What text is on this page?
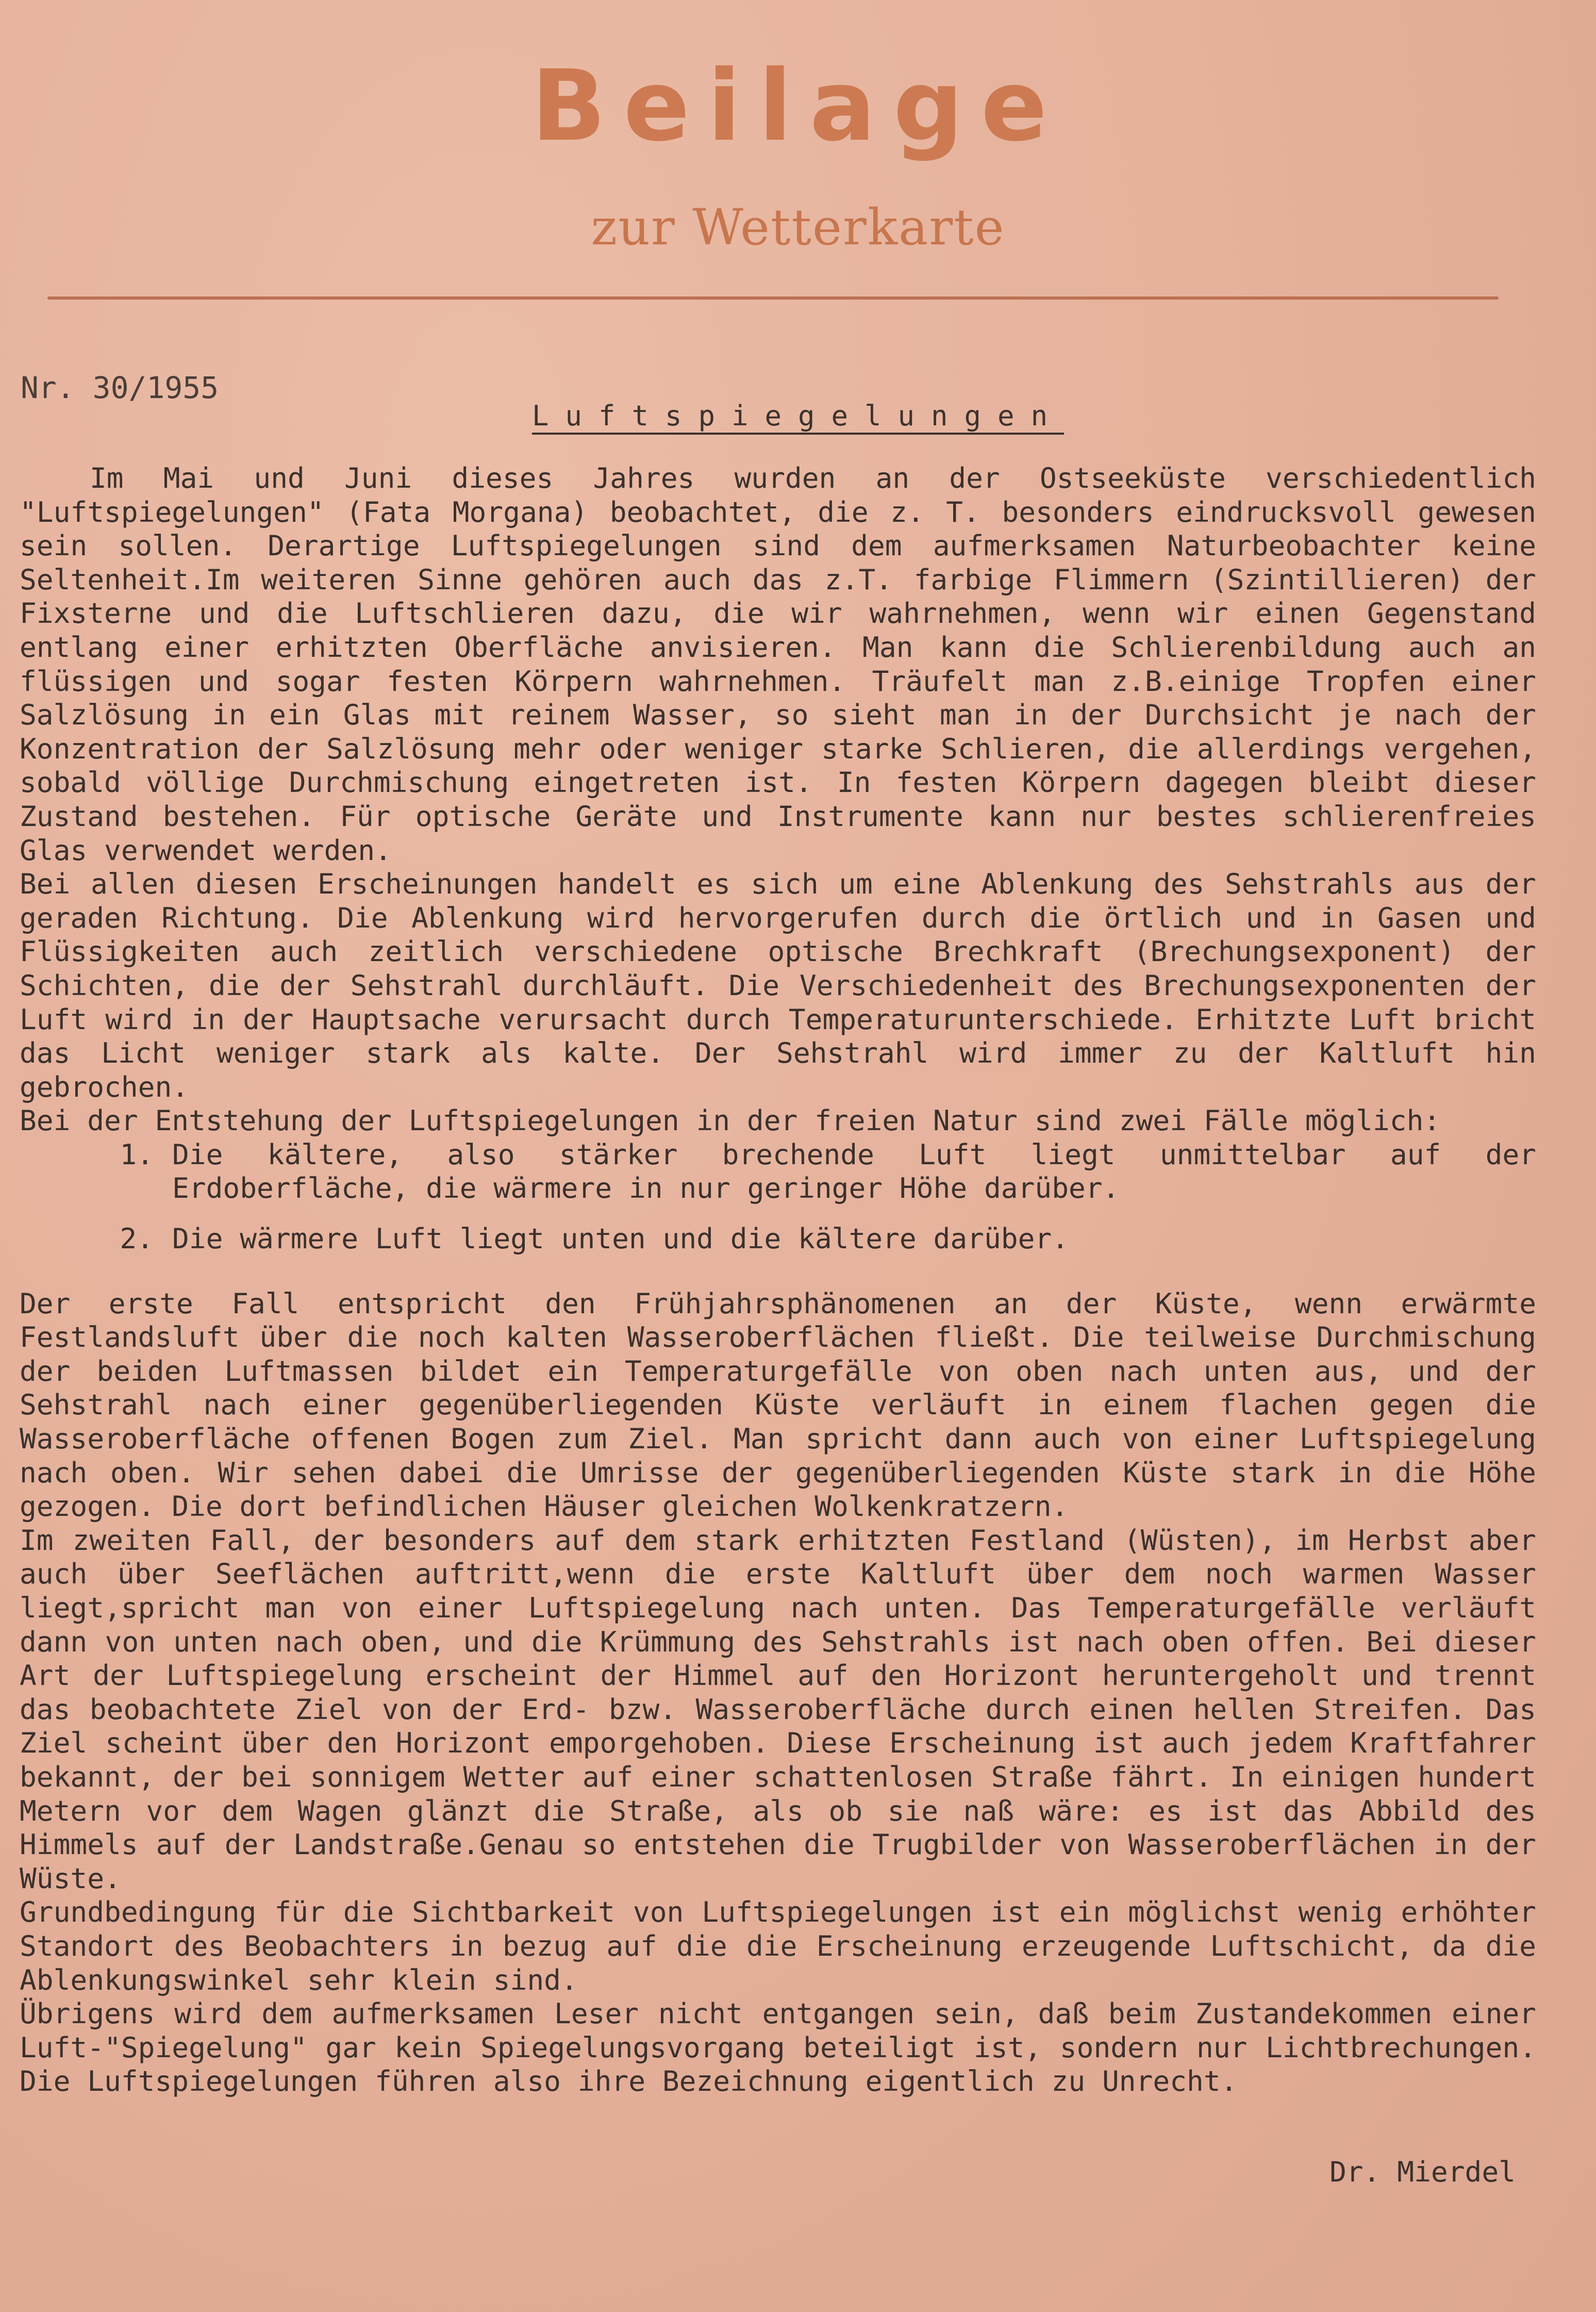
Beilage
zur Wetterkarte
Nr. 30/1955
Luftspiegelungen

Im Mai und Juni dieses Jahres wurden an der Ostseeküste verschiedentlich "Luftspiegelungen" (Fata Morgana) beobachtet, die z. T. besonders eindrucksvoll gewesen sein sollen. Derartige Luftspiegelungen sind dem aufmerksamen Naturbeobachter keine Seltenheit.Im weiteren Sinne gehören auch das z.T. farbige Flimmern (Szintillieren) der Fixsterne und die Luftschlieren dazu, die wir wahrnehmen, wenn wir einen Gegenstand entlang einer erhitzten Oberfläche anvisieren. Man kann die Schlierenbildung auch an flüssigen und sogar festen Körpern wahrnehmen. Träufelt man z.B.einige Tropfen einer Salzlösung in ein Glas mit reinem Wasser, so sieht man in der Durchsicht je nach der Konzentration der Salzlösung mehr oder weniger starke Schlieren, die allerdings vergehen, sobald völlige Durchmischung eingetreten ist. In festen Körpern dagegen bleibt dieser Zustand bestehen. Für optische Geräte und Instrumente kann nur bestes schlierenfreies Glas verwendet werden.

Bei allen diesen Erscheinungen handelt es sich um eine Ablenkung des Sehstrahls aus der geraden Richtung. Die Ablenkung wird hervorgerufen durch die örtlich und in Gasen und Flüssigkeiten auch zeitlich verschiedene optische Brechkraft (Brechungsexponent) der Schichten, die der Sehstrahl durchläuft. Die Verschiedenheit des Brechungsexponenten der Luft wird in der Hauptsache verursacht durch Temperaturunterschiede. Erhitzte Luft bricht das Licht weniger stark als kalte. Der Sehstrahl wird immer zu der Kaltluft hin gebrochen.

Bei der Entstehung der Luftspiegelungen in der freien Natur sind zwei Fälle möglich:

1. Die kältere, also stärker brechende Luft liegt unmittelbar auf der Erdoberfläche, die wärmere in nur geringer Höhe darüber.
2. Die wärmere Luft liegt unten und die kältere darüber.

Der erste Fall entspricht den Frühjahrsphänomenen an der Küste, wenn erwärmte Festlandsluft über die noch kalten Wasseroberflächen fließt. Die teilweise Durchmischung der beiden Luftmassen bildet ein Temperaturgefälle von oben nach unten aus, und der Sehstrahl nach einer gegenüberliegenden Küste verläuft in einem flachen gegen die Wasseroberfläche offenen Bogen zum Ziel. Man spricht dann auch von einer Luftspiegelung nach oben. Wir sehen dabei die Umrisse der gegenüberliegenden Küste stark in die Höhe gezogen. Die dort befindlichen Häuser gleichen Wolkenkratzern.

Im zweiten Fall, der besonders auf dem stark erhitzten Festland (Wüsten), im Herbst aber auch über Seeflächen auftritt,wenn die erste Kaltluft über dem noch warmen Wasser liegt,spricht man von einer Luftspiegelung nach unten. Das Temperaturgefälle verläuft dann von unten nach oben, und die Krümmung des Sehstrahls ist nach oben offen. Bei dieser Art der Luftspiegelung erscheint der Himmel auf den Horizont heruntergeholt und trennt das beobachtete Ziel von der Erd- bzw. Wasseroberfläche durch einen hellen Streifen. Das Ziel scheint über den Horizont emporgehoben. Diese Erscheinung ist auch jedem Kraftfahrer bekannt, der bei sonnigem Wetter auf einer schattenlosen Straße fährt. In einigen hundert Metern vor dem Wagen glänzt die Straße, als ob sie naß wäre: es ist das Abbild des Himmels auf der Landstraße.Genau so entstehen die Trugbilder von Wasseroberflächen in der Wüste.

Grundbedingung für die Sichtbarkeit von Luftspiegelungen ist ein möglichst wenig erhöhter Standort des Beobachters in bezug auf die die Erscheinung erzeugende Luftschicht, da die Ablenkungswinkel sehr klein sind.

Übrigens wird dem aufmerksamen Leser nicht entgangen sein, daß beim Zustandekommen einer Luft-"Spiegelung" gar kein Spiegelungsvorgang beteiligt ist, sondern nur Lichtbrechungen. Die Luftspiegelungen führen also ihre Bezeichnung eigentlich zu Unrecht.

Dr. Mierdel
